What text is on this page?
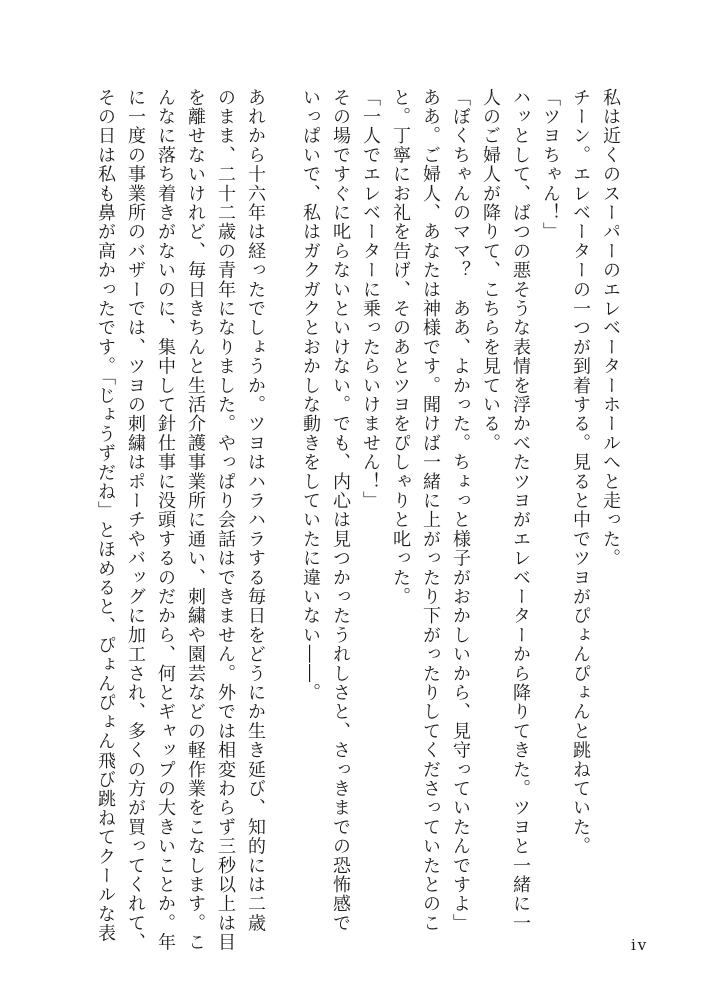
私は近くのスーパーのエレベーターホールへと走った。
チーン。エレベーターの一つが到着する。見ると中でツヨがぴょんぴょんと跳ねていた。
「ツヨちゃん！」
ハッとして、ばつの悪そうな表情を浮かべたツヨがエレベーターから降りてきた。ツヨと一緒に一
人のご婦人が降りて、こちらを見ている。
「ぼくちゃんのママ？　ああ、よかった。ちょっと様子がおかしいから、見守っていたんですよ」
ああ。ご婦人、あなたは神様です。聞けば一緒に上がったり下がったりしてくださっていたとのこ
と。丁寧にお礼を告げ、そのあとツヨをぴしゃりと叱った。
「一人でエレベーターに乗ったらいけません！」
その場ですぐに叱らないといけない。でも、内心は見つかったうれしさと、さっきまでの恐怖感で
いっぱいで、私はガクガクとおかしな動きをしていたに違いない――。
あれから十六年は経ったでしょうか。ツヨはハラハラする毎日をどうにか生き延び、知的には二歳
のまま、二十二歳の青年になりました。やっぱり会話はできません。外では相変わらず三秒以上は目
を離せないけれど、毎日きちんと生活介護事業所に通い、刺繍や園芸などの軽作業をこなします。こ
んなに落ち着きがないのに、集中して針仕事に没頭するのだから、何とギャップの大きいことか。年
に一度の事業所のバザーでは、ツヨの刺繍はポーチやバッグに加工され、多くの方が買ってくれて、
その日は私も鼻が高かったです。「じょうずだね」とほめると、ぴょんぴょん飛び跳ねてクールな表
iv
